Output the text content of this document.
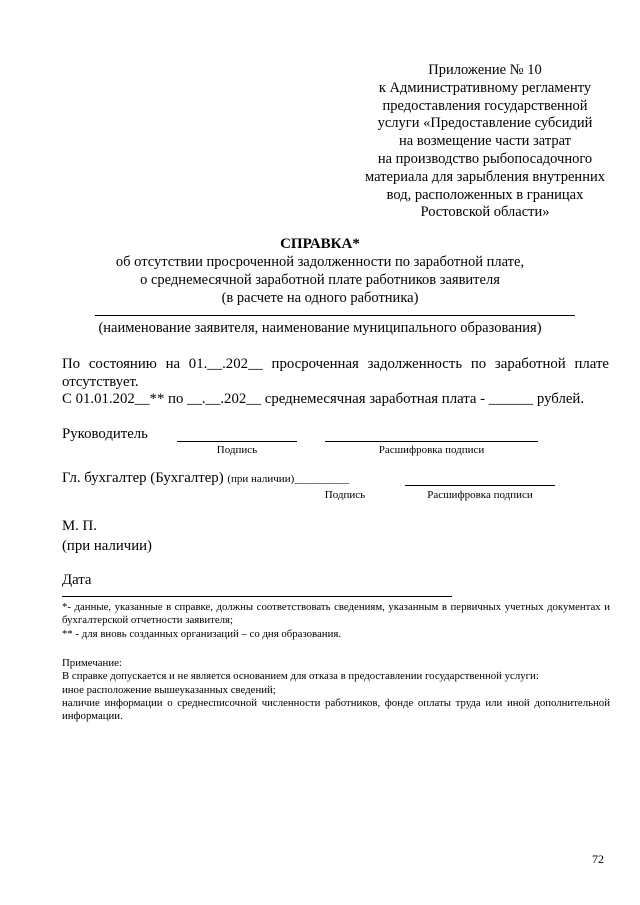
Приложение № 10
к Административному регламенту
предоставления государственной
услуги «Предоставление субсидий
на возмещение части затрат
на производство рыбопосадочного
материала для зарыбления внутренних
вод, расположенных в границах
Ростовской области»
СПРАВКА*
об отсутствии просроченной задолженности по заработной плате,
о среднемесячной заработной плате работников заявителя
(в расчете на одного работника)
(наименование заявителя, наименование муниципального образования)
По состоянию на 01.__.202__ просроченная задолженность по заработной плате отсутствует.
С 01.01.202__** по __.__.202__ среднемесячная заработная плата - ______ рублей.
Руководитель
Подпись	Расшифровка подписи
Гл. бухгалтер (Бухгалтер) (при наличии)__________
Подпись	Расшифровка подписи
М. П.
(при наличии)
Дата
*- данные, указанные в справке, должны соответствовать сведениям, указанным в первичных учетных документах и бухгалтерской отчетности заявителя;
** - для вновь созданных организаций – со дня образования.
Примечание:
В справке допускается и не является основанием для отказа в предоставлении государственной услуги:
иное расположение вышеуказанных сведений;
наличие информации о среднесписочной численности работников, фонде оплаты труда или иной дополнительной информации.
72
